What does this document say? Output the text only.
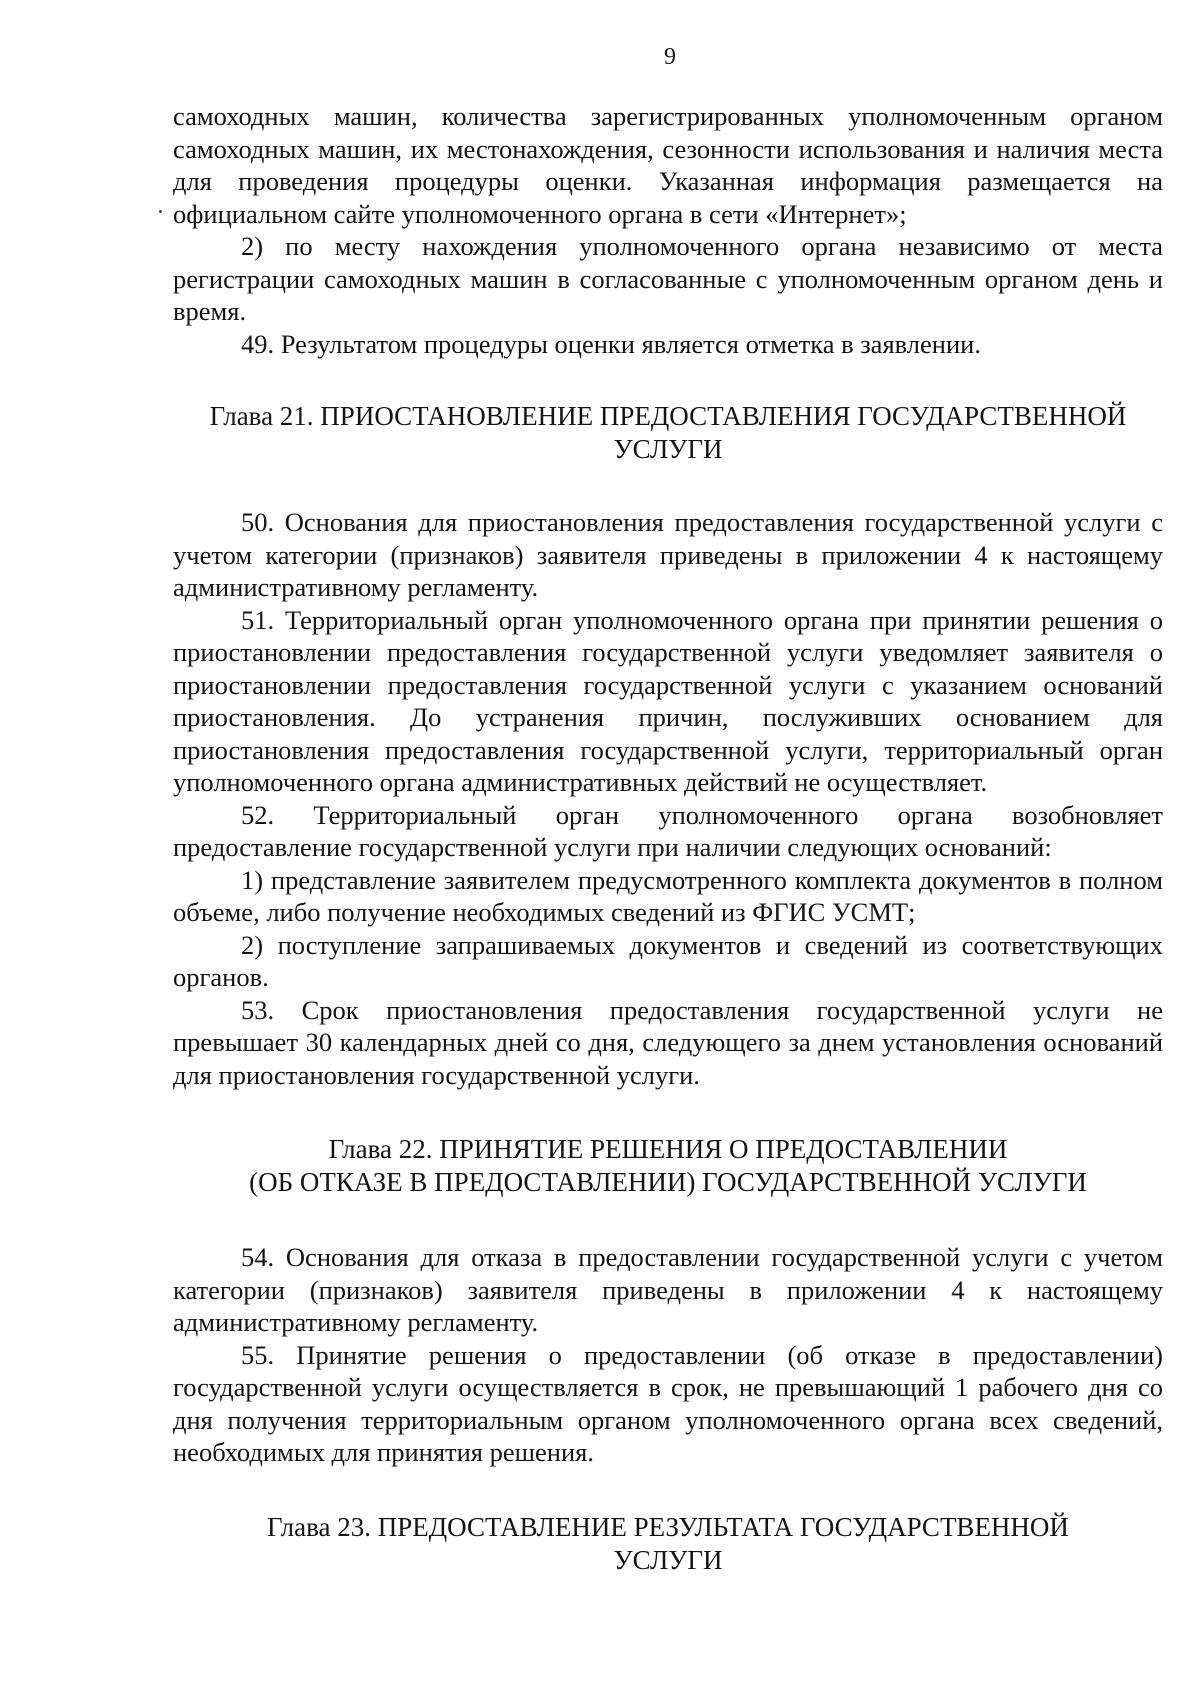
9

самоходных машин, количества зарегистрированных уполномоченным органом самоходных машин, их местонахождения, сезонности использования и наличия места для проведения процедуры оценки. Указанная информация размещается на официальном сайте уполномоченного органа в сети «Интернет»;

2) по месту нахождения уполномоченного органа независимо от места регистрации самоходных машин в согласованные с уполномоченным органом день и время.

49. Результатом процедуры оценки является отметка в заявлении.

Глава 21. ПРИОСТАНОВЛЕНИЕ ПРЕДОСТАВЛЕНИЯ ГОСУДАРСТВЕННОЙ
УСЛУГИ

50. Основания для приостановления предоставления государственной услуги с учетом категории (признаков) заявителя приведены в приложении 4 к настоящему административному регламенту.

51. Территориальный орган уполномоченного органа при принятии решения о приостановлении предоставления государственной услуги уведомляет заявителя о приостановлении предоставления государственной услуги с указанием оснований приостановления. До устранения причин, послуживших основанием для приостановления предоставления государственной услуги, территориальный орган уполномоченного органа административных действий не осуществляет.

52. Территориальный орган уполномоченного органа возобновляет предоставление государственной услуги при наличии следующих оснований:

1) представление заявителем предусмотренного комплекта документов в полном объеме, либо получение необходимых сведений из ФГИС УСМТ;

2) поступление запрашиваемых документов и сведений из соответствующих органов.

53. Срок приостановления предоставления государственной услуги не превышает 30 календарных дней со дня, следующего за днем установления оснований для приостановления государственной услуги.

Глава 22. ПРИНЯТИЕ РЕШЕНИЯ О ПРЕДОСТАВЛЕНИИ
(ОБ ОТКАЗЕ В ПРЕДОСТАВЛЕНИИ) ГОСУДАРСТВЕННОЙ УСЛУГИ

54. Основания для отказа в предоставлении государственной услуги с учетом категории (признаков) заявителя приведены в приложении 4 к настоящему административному регламенту.

55. Принятие решения о предоставлении (об отказе в предоставлении) государственной услуги осуществляется в срок, не превышающий 1 рабочего дня со дня получения территориальным органом уполномоченного органа всех сведений, необходимых для принятия решения.

Глава 23. ПРЕДОСТАВЛЕНИЕ РЕЗУЛЬТАТА ГОСУДАРСТВЕННОЙ
УСЛУГИ
